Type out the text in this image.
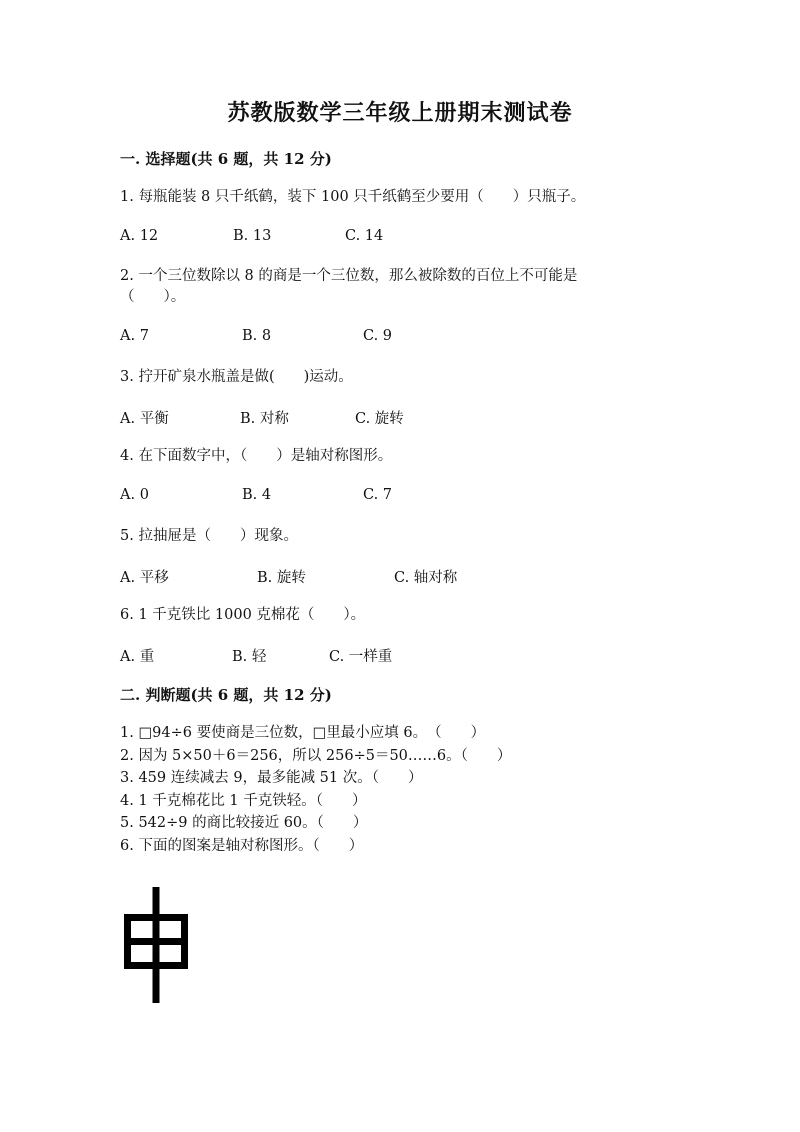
苏教版数学三年级上册期末测试卷
一. 选择题(共 6 题，共 12 分)
1. 每瓶能装 8 只千纸鹤，装下 100 只千纸鹤至少要用（　　）只瓶子。
A. 12	B. 13	C. 14
2. 一个三位数除以 8 的商是一个三位数，那么被除数的百位上不可能是（　　）。
A. 7	B. 8	C. 9
3. 拧开矿泉水瓶盖是做(　　)运动。
A. 平衡	B. 对称	C. 旋转
4. 在下面数字中，（　　）是轴对称图形。
A. 0	B. 4	C. 7
5. 拉抽屉是（　　）现象。
A. 平移	B. 旋转	C. 轴对称
6. 1 千克铁比 1000 克棉花（　　）。
A. 重	B. 轻	C. 一样重
二. 判断题(共 6 题，共 12 分)
1. □94÷6 要使商是三位数，□里最小应填 6。　（　　）
2. 因为 5×50＋6＝256，所以 256÷5＝50……6。（　　）
3. 459 连续减去 9，最多能减 51 次。（　　）
4. 1 千克棉花比 1 千克铁轻。（　　）
5. 542÷9 的商比较接近 60。（　　）
6. 下面的图案是轴对称图形。（　　）
